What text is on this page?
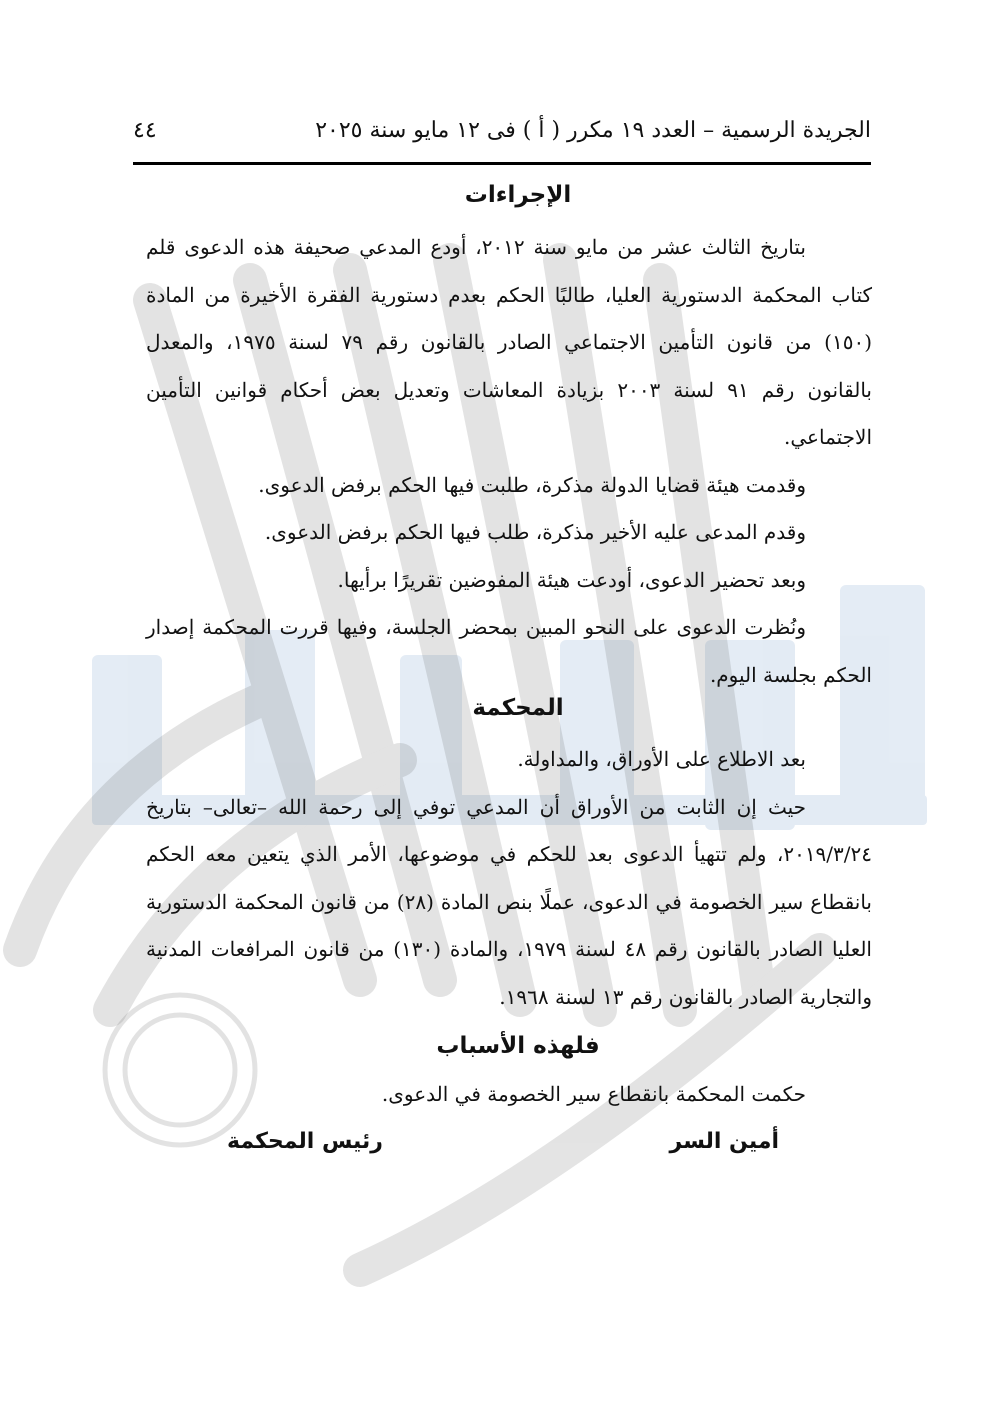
الجريدة الرسمية – العدد ١٩ مكرر ( أ ) فى ١٢ مايو سنة ٢٠٢٥
٤٤
الإجراءات

بتاريخ الثالث عشر من مايو سنة ٢٠١٢، أودع المدعي صحيفة هذه الدعوى قلم كتاب المحكمة الدستورية العليا، طالبًا الحكم بعدم دستورية الفقرة الأخيرة من المادة (١٥٠) من قانون التأمين الاجتماعي الصادر بالقانون رقم ٧٩ لسنة ١٩٧٥، والمعدل بالقانون رقم ٩١ لسنة ٢٠٠٣ بزيادة المعاشات وتعديل بعض أحكام قوانين التأمين الاجتماعي.

وقدمت هيئة قضايا الدولة مذكرة، طلبت فيها الحكم برفض الدعوى.

وقدم المدعى عليه الأخير مذكرة، طلب فيها الحكم برفض الدعوى.

وبعد تحضير الدعوى، أودعت هيئة المفوضين تقريرًا برأيها.

ونُظرت الدعوى على النحو المبين بمحضر الجلسة، وفيها قررت المحكمة إصدار الحكم بجلسة اليوم.

المحكمة

بعد الاطلاع على الأوراق، والمداولة.

حيث إن الثابت من الأوراق أن المدعي توفي إلى رحمة الله –تعالى– بتاريخ ٢٠١٩/٣/٢٤، ولم تتهيأ الدعوى بعد للحكم في موضوعها، الأمر الذي يتعين معه الحكم بانقطاع سير الخصومة في الدعوى، عملًا بنص المادة (٢٨) من قانون المحكمة الدستورية العليا الصادر بالقانون رقم ٤٨ لسنة ١٩٧٩، والمادة (١٣٠) من قانون المرافعات المدنية والتجارية الصادر بالقانون رقم ١٣ لسنة ١٩٦٨.

فلهذه الأسباب

حكمت المحكمة بانقطاع سير الخصومة في الدعوى.

أمين السر
رئيس المحكمة
